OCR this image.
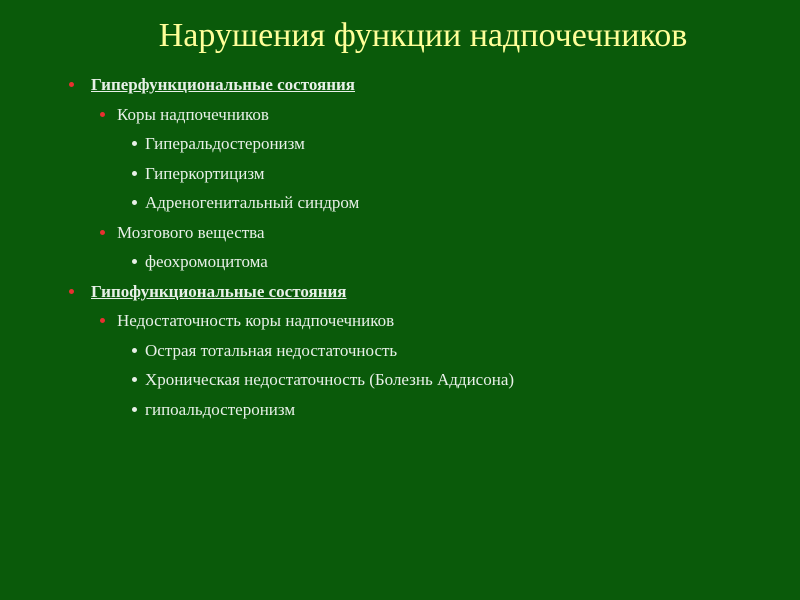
Нарушения функции надпочечников
Гиперфункциональные состояния
Коры надпочечников
Гиперальдостеронизм
Гиперкортицизм
Адреногенитальный синдром
Мозгового вещества
феохромоцитома
Гипофункциональные состояния
Недостаточность коры надпочечников
Острая тотальная недостаточность
Хроническая недостаточность (Болезнь Аддисона)
гипоальдостеронизм
